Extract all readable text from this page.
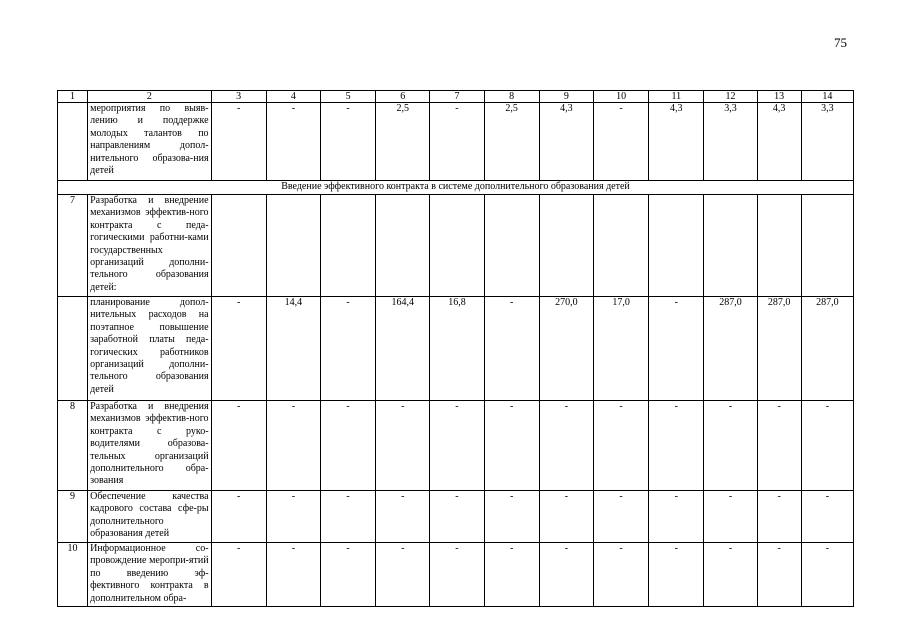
75
1	2	3	4	5	6	7	8	9	10	11	12	13	14
	мероприятия по выяв-лению и поддержке молодых талантов по направлениям допол-нительного образова-ния детей	-	-	-	2,5	-	2,5	4,3	-	4,3	3,3	4,3	3,3
Введение эффективного контракта в системе дополнительного образования детей													
7	Разработка и внедрение механизмов эффектив-ного контракта с педа-гогическими работни-ками государственных организаций дополни-тельного образования детей:												
	планирование допол-нительных расходов на поэтапное повышение заработной платы педа-гогических работников организаций дополни-тельного образования детей	-	14,4	-	164,4	16,8	-	270,0	17,0	-	287,0	287,0	287,0
8	Разработка и внедрения механизмов эффектив-ного контракта с руко-водителями образова-тельных организаций дополнительного обра-зования	-	-	-	-	-	-	-	-	-	-	-	-
9	Обеспечение качества кадрового состава сфе-ры дополнительного образования детей	-	-	-	-	-	-	-	-	-	-	-	-
10	Информационное со-провождение меропри-ятий по введению эф-фективного контракта в дополнительном обра-	-	-	-	-	-	-	-	-	-	-	-	-
